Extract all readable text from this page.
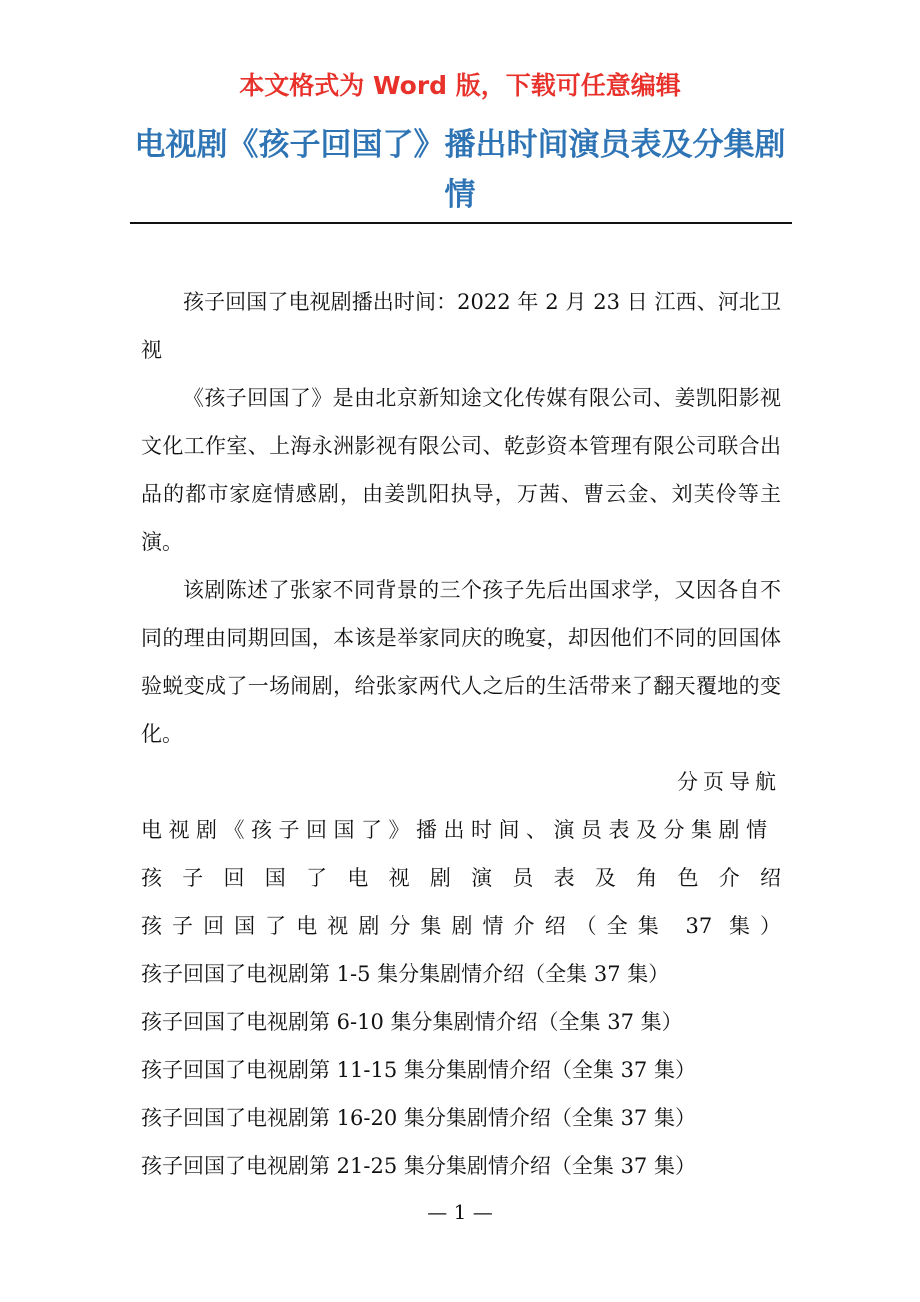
本文格式为 Word 版，下载可任意编辑
电视剧《孩子回国了》播出时间演员表及分集剧情

孩子回国了电视剧播出时间：2022 年 2 月 23 日 江西、河北卫视

《孩子回国了》是由北京新知途文化传媒有限公司、姜凯阳影视文化工作室、上海永洲影视有限公司、乾彭资本管理有限公司联合出品的都市家庭情感剧，由姜凯阳执导，万茜、曹云金、刘芙伶等主演。

该剧陈述了张家不同背景的三个孩子先后出国求学，又因各自不同的理由同期回国，本该是举家同庆的晚宴，却因他们不同的回国体验蜕变成了一场闹剧，给张家两代人之后的生活带来了翻天覆地的变化。

分页导航
电视剧《孩子回国了》播出时间、演员表及分集剧情
孩子回国了电视剧演员表及角色介绍
孩子回国了电视剧分集剧情介绍（全集 37 集）
孩子回国了电视剧第 1-5 集分集剧情介绍（全集 37 集）
孩子回国了电视剧第 6-10 集分集剧情介绍（全集 37 集）
孩子回国了电视剧第 11-15 集分集剧情介绍（全集 37 集）
孩子回国了电视剧第 16-20 集分集剧情介绍（全集 37 集）
孩子回国了电视剧第 21-25 集分集剧情介绍（全集 37 集）
— 1 —
